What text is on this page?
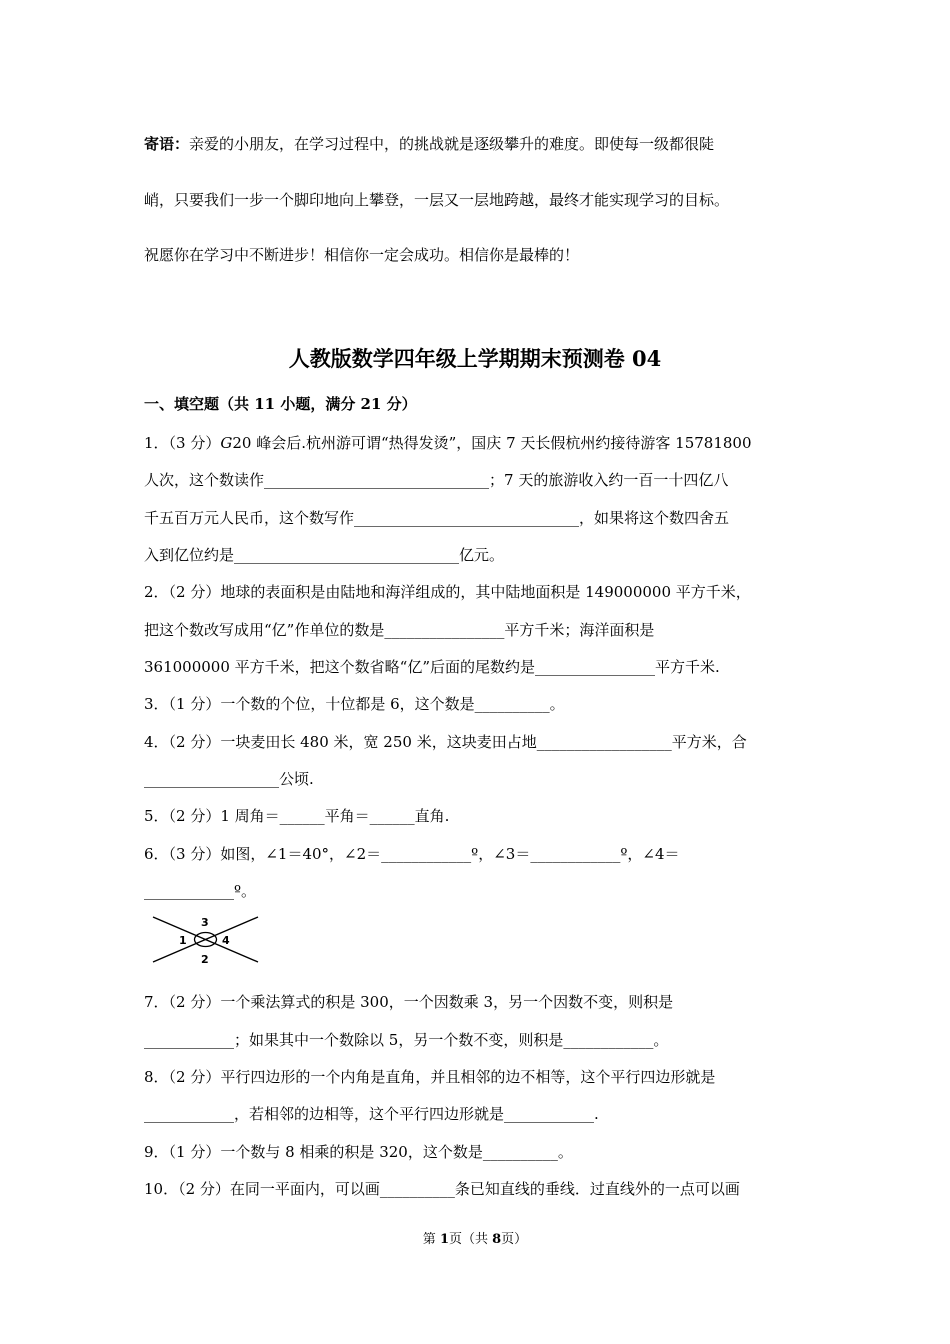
寄语：亲爱的小朋友，在学习过程中，的挑战就是逐级攀升的难度。即使每一级都很陡

峭，只要我们一步一个脚印地向上攀登，一层又一层地跨越，最终才能实现学习的目标。

祝愿你在学习中不断进步！相信你一定会成功。相信你是最棒的！

人教版数学四年级上学期期末预测卷 04
一、填空题（共 11 小题，满分 21 分）
1．（3 分）G20 峰会后.杭州游可谓“热得发烫”，国庆 7 天长假杭州约接待游客 15781800
人次，这个数读作______________________________；7 天的旅游收入约一百一十四亿八
千五百万元人民币，这个数写作______________________________，如果将这个数四舍五
入到亿位约是______________________________亿元。
2．（2 分）地球的表面积是由陆地和海洋组成的，其中陆地面积是 149000000 平方千米，
把这个数改写成用“亿”作单位的数是________________平方千米；海洋面积是
361000000 平方千米，把这个数省略“亿”后面的尾数约是________________平方千米.
3．（1 分）一个数的个位，十位都是 6，这个数是__________。
4．（2 分）一块麦田长 480 米，宽 250 米，这块麦田占地__________________平方米，合
__________________公顷.
5．（2 分）1 周角＝______平角＝______直角.
6．（3 分）如图，∠1＝40°，∠2＝____________º，∠3＝____________º，∠4＝
____________º。
1
2
3
4
7．（2 分）一个乘法算式的积是 300，一个因数乘 3，另一个因数不变，则积是
____________；如果其中一个数除以 5，另一个数不变，则积是____________。
8．（2 分）平行四边形的一个内角是直角，并且相邻的边不相等，这个平行四边形就是
____________，若相邻的边相等，这个平行四边形就是____________.
9．（1 分）一个数与 8 相乘的积是 320，这个数是__________。
10．（2 分）在同一平面内，可以画__________条已知直线的垂线．过直线外的一点可以画
第 1页（共 8页）
